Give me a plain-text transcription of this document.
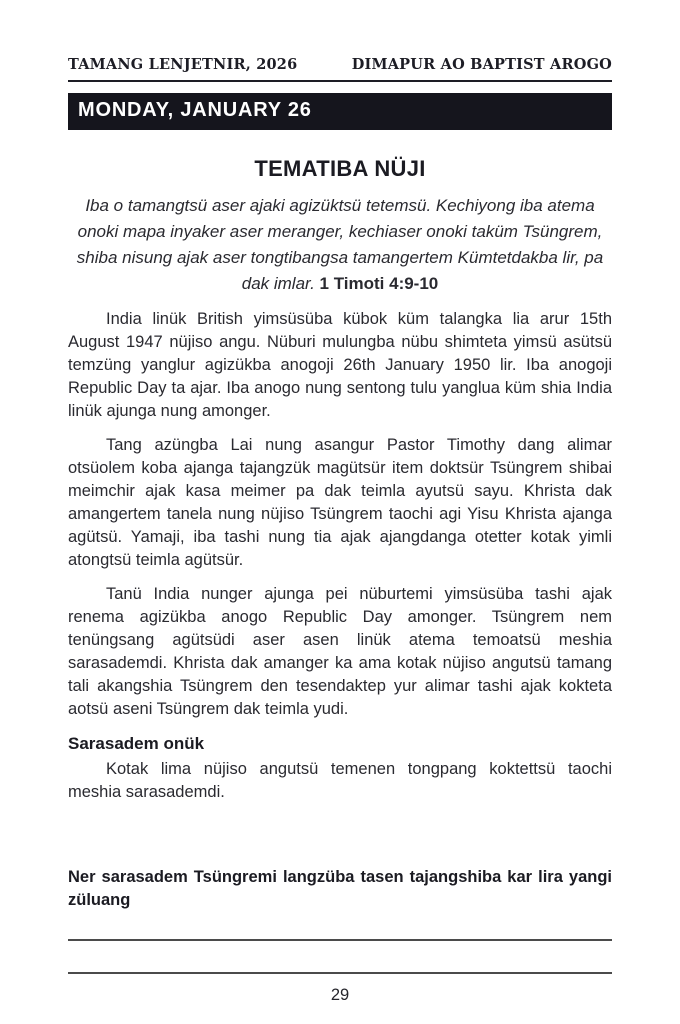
TAMANG LENJETNIR, 2026	DIMAPUR AO BAPTIST AROGO
MONDAY, JANUARY 26
TEMATIBA NÜJI

Iba o tamangtsü aser ajaki agizüktsü tetemsü. Kechiyong iba atema onoki mapa inyaker aser meranger, kechiaser onoki taküm Tsüngrem, shiba nisung ajak aser tongtibangsa tamangertem Kümtetdakba lir, pa dak imlar. 1 Timoti 4:9-10

India linük British yimsüsüba kübok küm talangka lia arur 15th August 1947 nüjiso angu. Nüburi mulungba nübu shimteta yimsü asütsü temzüng yanglur agizükba anogoji 26th January 1950 lir. Iba anogoji Republic Day ta ajar. Iba anogo nung sentong tulu yanglua küm shia India linük ajunga nung amonger.

Tang azüngba Lai nung asangur Pastor Timothy dang alimar otsüolem koba ajanga tajangzük magütsür item doktsür Tsüngrem shibai meimchir ajak kasa meimer pa dak teimla ayutsü sayu. Khrista dak amangertem tanela nung nüjiso Tsüngrem taochi agi Yisu Khrista ajanga agütsü. Yamaji, iba tashi nung tia ajak ajangdanga otetter kotak yimli atongtsü teimla agütsür.

Tanü India nunger ajunga pei nüburtemi yimsüsüba tashi ajak renema agizükba anogo Republic Day amonger. Tsüngrem nem tenüngsang agütsüdi aser asen linük atema temoatsü meshia sarasademdi. Khrista dak amanger ka ama kotak nüjiso angutsü tamang tali akangshia Tsüngrem den tesendaktep yur alimar tashi ajak kokteta aotsü aseni Tsüngrem dak teimla yudi.

Sarasadem onük

Kotak lima nüjiso angutsü temenen tongpang koktettsü taochi meshia sarasademdi.

Ner sarasadem Tsüngremi langzüba tasen tajangshiba kar lira yangi züluang

29
